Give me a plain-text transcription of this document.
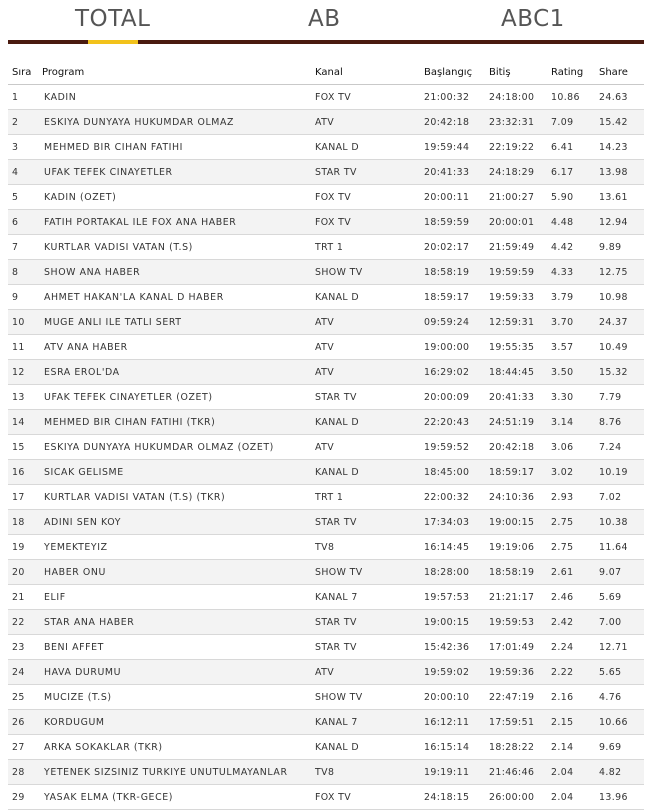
TOTAL	AB	ABC1
Sıra	Program	Kanal	Başlangıç	Bitiş	Rating	Share
1	KADIN	FOX TV	21:00:32	24:18:00	10.86	24.63
2	ESKIYA DUNYAYA HUKUMDAR OLMAZ	ATV	20:42:18	23:32:31	7.09	15.42
3	MEHMED BIR CIHAN FATIHI	KANAL D	19:59:44	22:19:22	6.41	14.23
4	UFAK TEFEK CINAYETLER	STAR TV	20:41:33	24:18:29	6.17	13.98
5	KADIN (OZET)	FOX TV	20:00:11	21:00:27	5.90	13.61
6	FATIH PORTAKAL ILE FOX ANA HABER	FOX TV	18:59:59	20:00:01	4.48	12.94
7	KURTLAR VADISI VATAN (T.S)	TRT 1	20:02:17	21:59:49	4.42	9.89
8	SHOW ANA HABER	SHOW TV	18:58:19	19:59:59	4.33	12.75
9	AHMET HAKAN'LA KANAL D HABER	KANAL D	18:59:17	19:59:33	3.79	10.98
10	MUGE ANLI ILE TATLI SERT	ATV	09:59:24	12:59:31	3.70	24.37
11	ATV ANA HABER	ATV	19:00:00	19:55:35	3.57	10.49
12	ESRA EROL'DA	ATV	16:29:02	18:44:45	3.50	15.32
13	UFAK TEFEK CINAYETLER (OZET)	STAR TV	20:00:09	20:41:33	3.30	7.79
14	MEHMED BIR CIHAN FATIHI (TKR)	KANAL D	22:20:43	24:51:19	3.14	8.76
15	ESKIYA DUNYAYA HUKUMDAR OLMAZ (OZET)	ATV	19:59:52	20:42:18	3.06	7.24
16	SICAK GELISME	KANAL D	18:45:00	18:59:17	3.02	10.19
17	KURTLAR VADISI VATAN (T.S) (TKR)	TRT 1	22:00:32	24:10:36	2.93	7.02
18	ADINI SEN KOY	STAR TV	17:34:03	19:00:15	2.75	10.38
19	YEMEKTEYIZ	TV8	16:14:45	19:19:06	2.75	11.64
20	HABER ONU	SHOW TV	18:28:00	18:58:19	2.61	9.07
21	ELIF	KANAL 7	19:57:53	21:21:17	2.46	5.69
22	STAR ANA HABER	STAR TV	19:00:15	19:59:53	2.42	7.00
23	BENI AFFET	STAR TV	15:42:36	17:01:49	2.24	12.71
24	HAVA DURUMU	ATV	19:59:02	19:59:36	2.22	5.65
25	MUCIZE (T.S)	SHOW TV	20:00:10	22:47:19	2.16	4.76
26	KORDUGUM	KANAL 7	16:12:11	17:59:51	2.15	10.66
27	ARKA SOKAKLAR (TKR)	KANAL D	16:15:14	18:28:22	2.14	9.69
28	YETENEK SIZSINIZ TURKIYE UNUTULMAYANLAR	TV8	19:19:11	21:46:46	2.04	4.82
29	YASAK ELMA (TKR-GECE)	FOX TV	24:18:15	26:00:00	2.04	13.96
